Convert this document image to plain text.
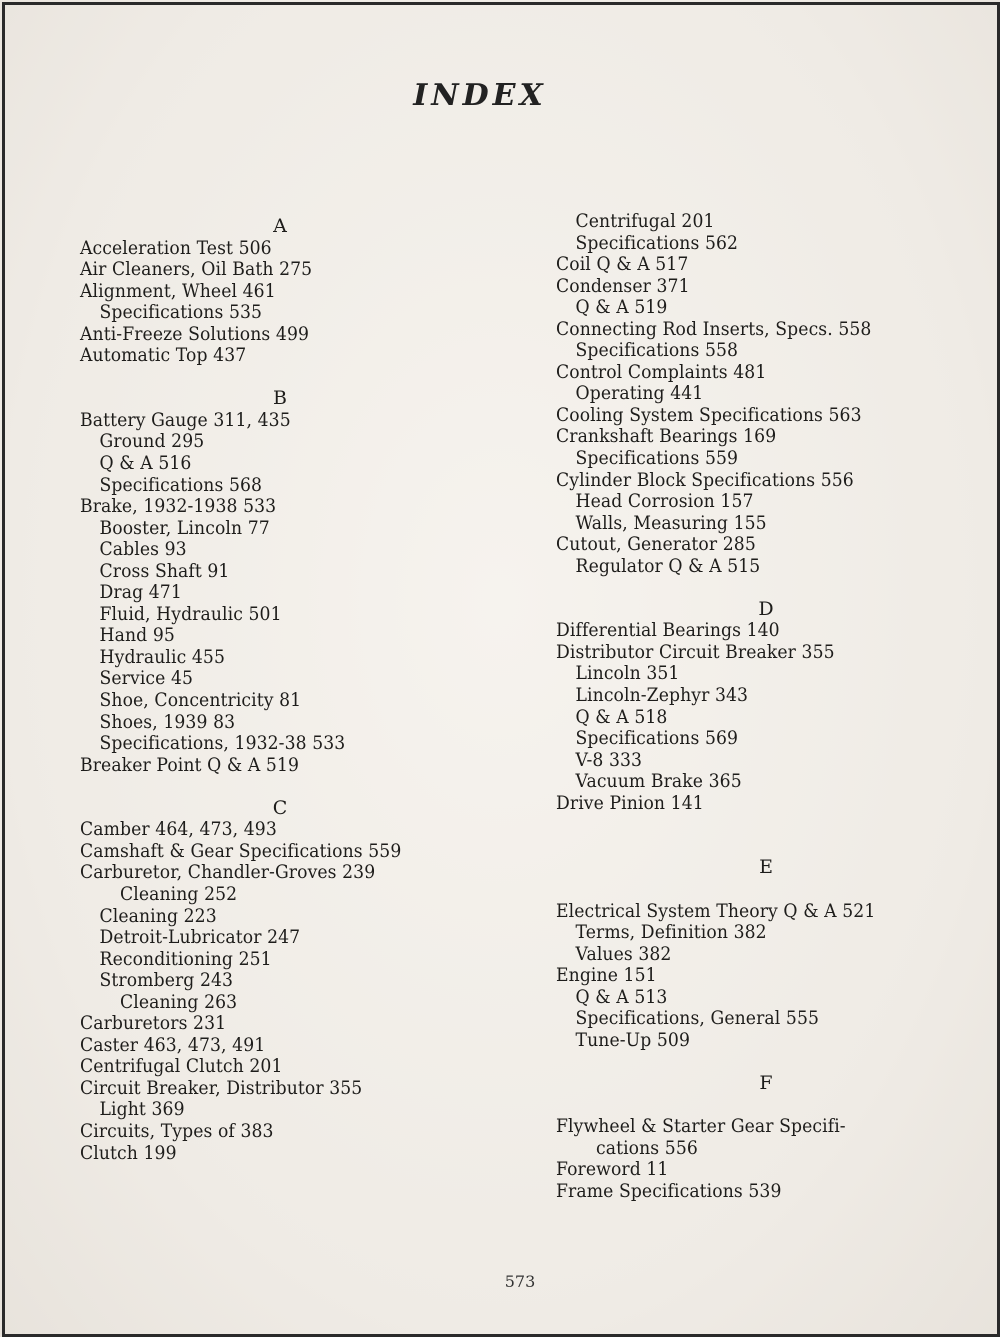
INDEX
A
Acceleration Test 506
Air Cleaners, Oil Bath 275
Alignment, Wheel 461
Specifications 535
Anti-Freeze Solutions 499
Automatic Top 437
B
Battery Gauge 311, 435
Ground 295
Q & A 516
Specifications 568
Brake, 1932-1938 533
Booster, Lincoln 77
Cables 93
Cross Shaft 91
Drag 471
Fluid, Hydraulic 501
Hand 95
Hydraulic 455
Service 45
Shoe, Concentricity 81
Shoes, 1939 83
Specifications, 1932-38 533
Breaker Point Q & A 519
C
Camber 464, 473, 493
Camshaft & Gear Specifications 559
Carburetor, Chandler-Groves 239
Cleaning 252
Cleaning 223
Detroit-Lubricator 247
Reconditioning 251
Stromberg 243
Cleaning 263
Carburetors 231
Caster 463, 473, 491
Centrifugal Clutch 201
Circuit Breaker, Distributor 355
Light 369
Circuits, Types of 383
Clutch 199
Centrifugal 201
Specifications 562
Coil Q & A 517
Condenser 371
Q & A 519
Connecting Rod Inserts, Specs. 558
Specifications 558
Control Complaints 481
Operating 441
Cooling System Specifications 563
Crankshaft Bearings 169
Specifications 559
Cylinder Block Specifications 556
Head Corrosion 157
Walls, Measuring 155
Cutout, Generator 285
Regulator Q & A 515
D
Differential Bearings 140
Distributor Circuit Breaker 355
Lincoln 351
Lincoln-Zephyr 343
Q & A 518
Specifications 569
V-8 333
Vacuum Brake 365
Drive Pinion 141
E
Electrical System Theory Q & A 521
Terms, Definition 382
Values 382
Engine 151
Q & A 513
Specifications, General 555
Tune-Up 509
F
Flywheel & Starter Gear Specifi-
cations 556
Foreword 11
Frame Specifications 539
573
